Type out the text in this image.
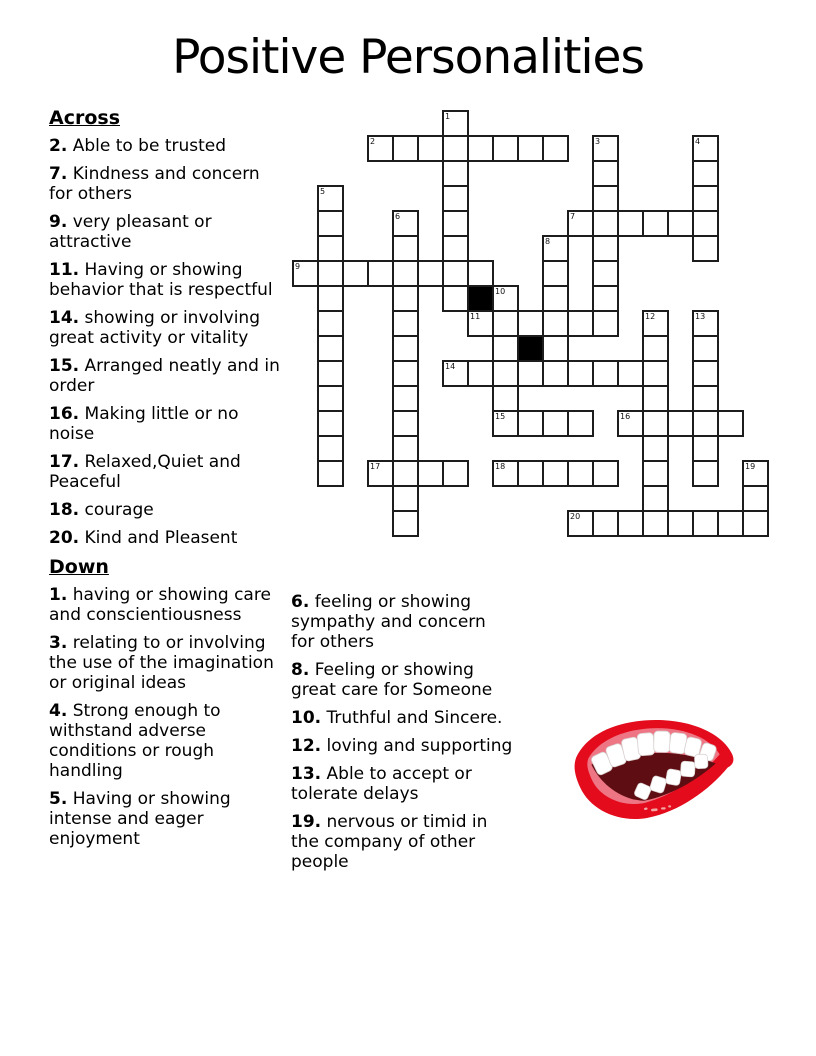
Positive Personalities
Across
2. Able to be trusted
7. Kindness and concern for others
9. very pleasant or attractive
11. Having or showing behavior that is respectful
14. showing or involving great activity or vitality
15. Arranged neatly and in order
16. Making little or no noise
17. Relaxed,Quiet and Peaceful
18. courage
20. Kind and Pleasent
Down
1. having or showing care and conscientiousness
3. relating to or involving the use of the imagination or original ideas
4. Strong enough to withstand adverse conditions or rough handling
5. Having or showing intense and eager enjoyment
6. feeling or showing sympathy and concern for others
8. Feeling or showing great care for Someone
10. Truthful and Sincere.
12. loving and supporting
13. Able to accept or tolerate delays
19. nervous or timid in the company of other people
1
2	3	4
5
6	7
8
9
10
11	12	13
14
15	16
17	18	19
20
